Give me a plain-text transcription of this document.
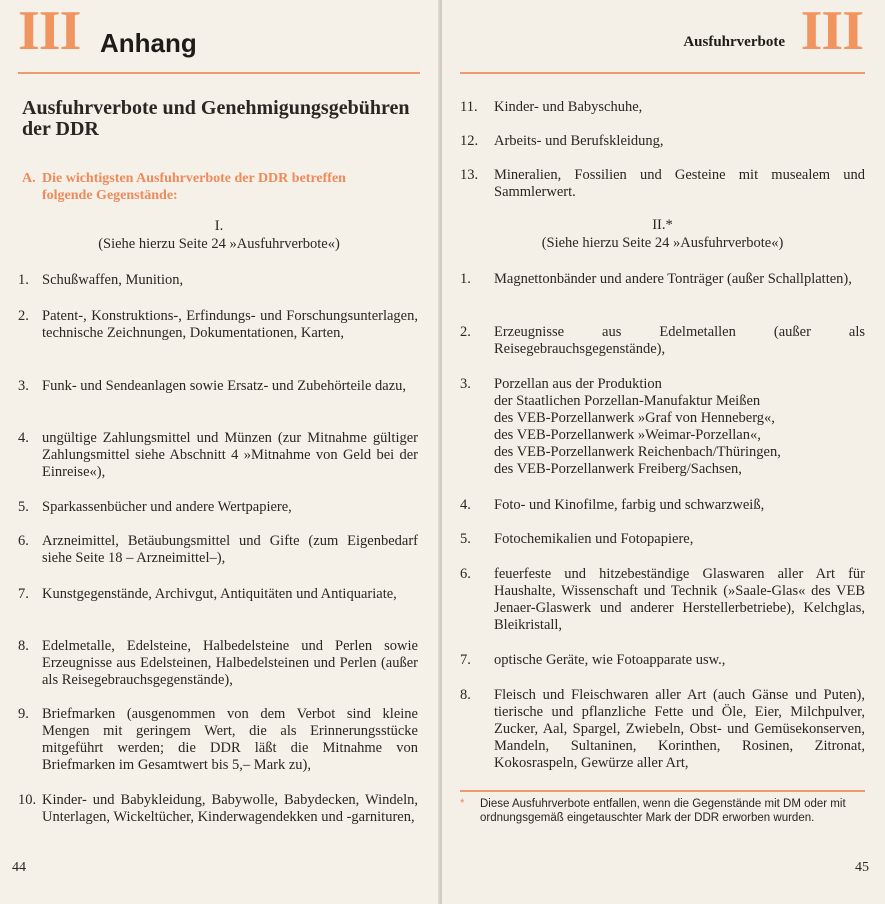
III Anhang
Ausfuhrverbote und Genehmigungsgebühren der DDR
A. Die wichtigsten Ausfuhrverbote der DDR betreffen
folgende Gegenstände:
I.
(Siehe hierzu Seite 24 »Ausfuhrverbote«)
1. Schußwaffen, Munition,
2. Patent-, Konstruktions-, Erfindungs- und Forschungsunterlagen, technische Zeichnungen, Dokumentationen, Karten,
3. Funk- und Sendeanlagen sowie Ersatz- und Zubehörteile dazu,
4. ungültige Zahlungsmittel und Münzen (zur Mitnahme gültiger Zahlungsmittel siehe Abschnitt 4 »Mitnahme von Geld bei der Einreise«),
5. Sparkassenbücher und andere Wertpapiere,
6. Arzneimittel, Betäubungsmittel und Gifte (zum Eigenbedarf siehe Seite 18 – Arzneimittel–),
7. Kunstgegenstände, Archivgut, Antiquitäten und Antiquariate,
8. Edelmetalle, Edelsteine, Halbedelsteine und Perlen sowie Erzeugnisse aus Edelsteinen, Halbedelsteinen und Perlen (außer als Reisegebrauchsgegenstände),
9. Briefmarken (ausgenommen von dem Verbot sind kleine Mengen mit geringem Wert, die als Erinnerungsstücke mitgeführt werden; die DDR läßt die Mitnahme von Briefmarken im Gesamtwert bis 5,– Mark zu),
10. Kinder- und Babykleidung, Babywolle, Babydecken, Windeln, Unterlagen, Wickeltücher, Kinderwagendekken und -garnituren,
44
III
Ausfuhrverbote
11. Kinder- und Babyschuhe,
12. Arbeits- und Berufskleidung,
13. Mineralien, Fossilien und Gesteine mit musealem und Sammlerwert.
II.*
(Siehe hierzu Seite 24 »Ausfuhrverbote«)
1. Magnettonbänder und andere Tonträger (außer Schallplatten),
2. Erzeugnisse aus Edelmetallen (außer als Reisegebrauchsgegenstände),
3. Porzellan aus der Produktion
der Staatlichen Porzellan-Manufaktur Meißen
des VEB-Porzellanwerk »Graf von Henneberg«,
des VEB-Porzellanwerk »Weimar-Porzellan«,
des VEB-Porzellanwerk Reichenbach/Thüringen,
des VEB-Porzellanwerk Freiberg/Sachsen,
4. Foto- und Kinofilme, farbig und schwarzweiß,
5. Fotochemikalien und Fotopapiere,
6. feuerfeste und hitzebeständige Glaswaren aller Art für Haushalte, Wissenschaft und Technik (»Saale-Glas« des VEB Jenaer-Glaswerk und anderer Herstellerbetriebe), Kelchglas, Bleikristall,
7. optische Geräte, wie Fotoapparate usw.,
8. Fleisch und Fleischwaren aller Art (auch Gänse und Puten), tierische und pflanzliche Fette und Öle, Eier, Milchpulver, Zucker, Aal, Spargel, Zwiebeln, Obst- und Gemüsekonserven, Mandeln, Sultaninen, Korinthen, Rosinen, Zitronat, Kokosraspeln, Gewürze aller Art,
* Diese Ausfuhrverbote entfallen, wenn die Gegenstände mit DM oder mit ordnungsgemäß eingetauschter Mark der DDR erworben wurden.
45
